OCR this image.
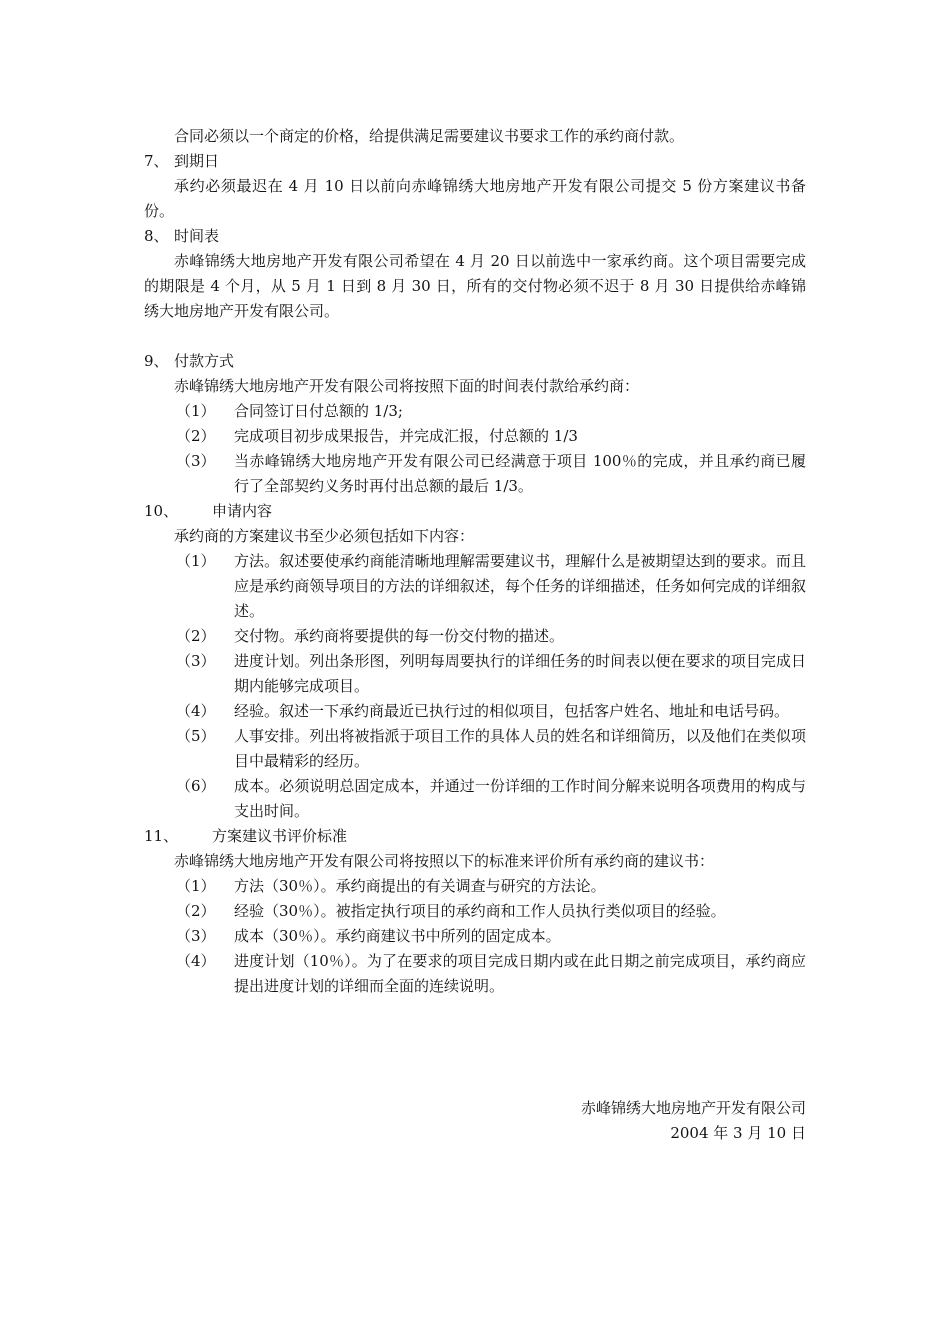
合同必须以一个商定的价格，给提供满足需要建议书要求工作的承约商付款。
7、 到期日
承约必须最迟在 4 月 10 日以前向赤峰锦绣大地房地产开发有限公司提交 5 份方案建议书备份。
8、 时间表
赤峰锦绣大地房地产开发有限公司希望在 4 月 20 日以前选中一家承约商。这个项目需要完成的期限是 4 个月，从 5 月 1 日到 8 月 30 日，所有的交付物必须不迟于 8 月 30 日提供给赤峰锦绣大地房地产开发有限公司。
9、 付款方式
赤峰锦绣大地房地产开发有限公司将按照下面的时间表付款给承约商：
（1）	合同签订日付总额的 1/3;
（2）	完成项目初步成果报告，并完成汇报，付总额的 1/3
（3）	当赤峰锦绣大地房地产开发有限公司已经满意于项目 100％的完成，并且承约商已履行了全部契约义务时再付出总额的最后 1/3。
10、	申请内容
承约商的方案建议书至少必须包括如下内容：
（1）	方法。叙述要使承约商能清晰地理解需要建议书，理解什么是被期望达到的要求。而且应是承约商领导项目的方法的详细叙述，每个任务的详细描述，任务如何完成的详细叙述。
（2）	交付物。承约商将要提供的每一份交付物的描述。
（3）	进度计划。列出条形图，列明每周要执行的详细任务的时间表以便在要求的项目完成日期内能够完成项目。
（4）	经验。叙述一下承约商最近已执行过的相似项目，包括客户姓名、地址和电话号码。
（5）	人事安排。列出将被指派于项目工作的具体人员的姓名和详细简历，以及他们在类似项目中最精彩的经历。
（6）	成本。必须说明总固定成本，并通过一份详细的工作时间分解来说明各项费用的构成与支出时间。
11、	方案建议书评价标准
赤峰锦绣大地房地产开发有限公司将按照以下的标准来评价所有承约商的建议书：
（1）	方法（30％）。承约商提出的有关调查与研究的方法论。
（2）	经验（30％）。被指定执行项目的承约商和工作人员执行类似项目的经验。
（3）	成本（30％）。承约商建议书中所列的固定成本。
（4）	进度计划（10％）。为了在要求的项目完成日期内或在此日期之前完成项目，承约商应提出进度计划的详细而全面的连续说明。
赤峰锦绣大地房地产开发有限公司
2004 年 3 月 10 日
